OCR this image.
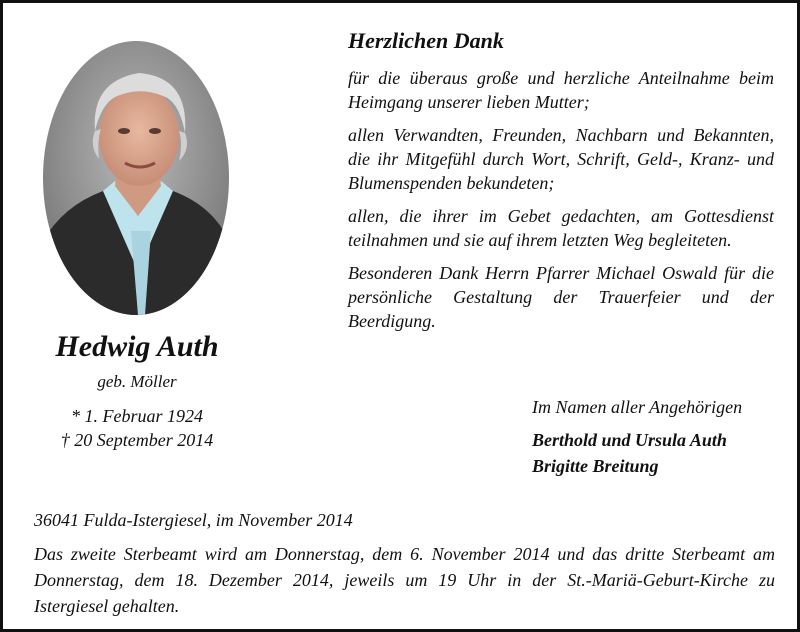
Hedwig Auth
geb. Möller
* 1. Februar 1924
† 20 September 2014
Herzlichen Dank
für die überaus große und herzliche Anteilnahme beim Heimgang unserer lieben Mutter;
allen Verwandten, Freunden, Nachbarn und Bekannten, die ihr Mitgefühl durch Wort, Schrift, Geld-, Kranz- und Blumenspenden bekundeten;
allen, die ihrer im Gebet gedachten, am Gottesdienst teilnahmen und sie auf ihrem letzten Weg begleiteten.
Besonderen Dank Herrn Pfarrer Michael Oswald für die persönliche Gestaltung der Trauerfeier und der Beerdigung.
Im Namen aller Angehörigen
Berthold und Ursula Auth
Brigitte Breitung
36041 Fulda-Istergiesel, im November 2014
Das zweite Sterbeamt wird am Donnerstag, dem 6. November 2014 und das dritte Sterbeamt am Donnerstag, dem 18. Dezember 2014, jeweils um 19 Uhr in der St.-Mariä-Geburt-Kirche zu Istergiesel gehalten.
